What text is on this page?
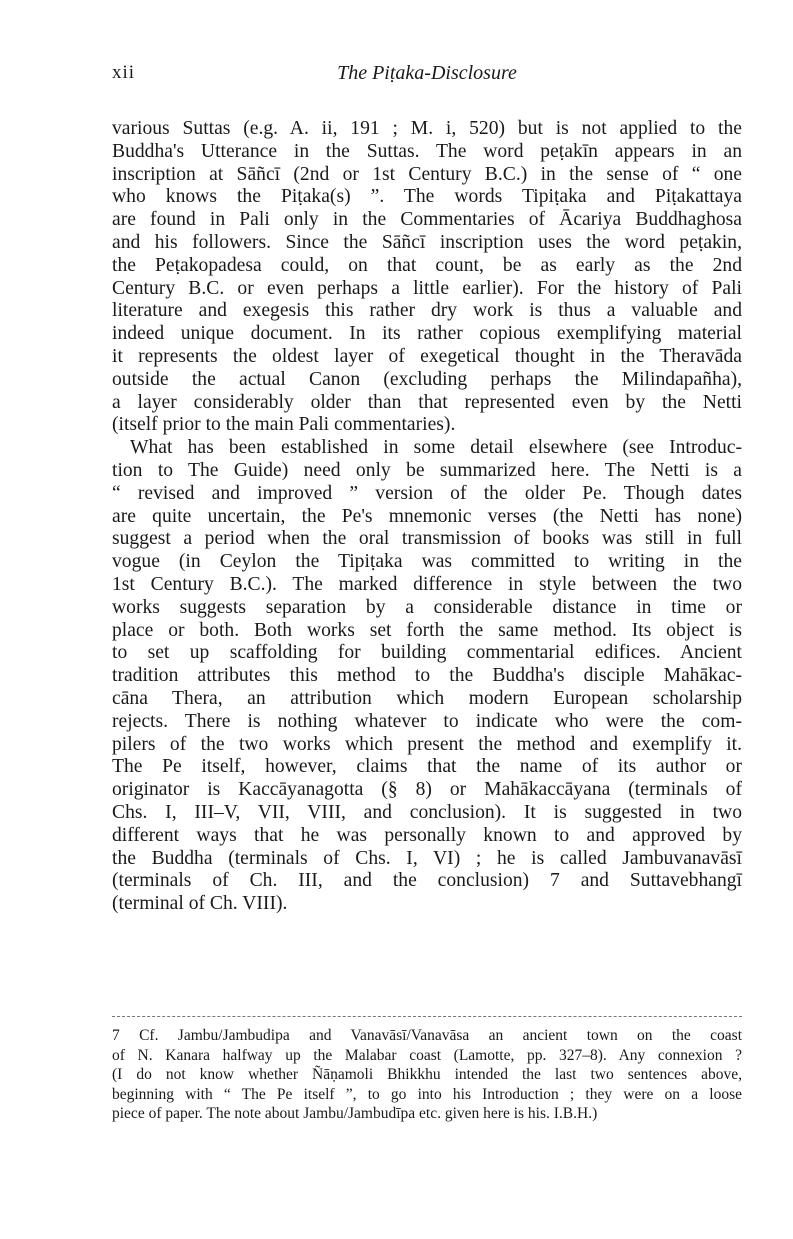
xii	The Piṭaka-Disclosure
various Suttas (e.g. A. ii, 191 ; M. i, 520) but is not applied to the
Buddha's Utterance in the Suttas. The word peṭakīn appears in an
inscription at Sāñcī (2nd or 1st Century B.C.) in the sense of “ one
who knows the Piṭaka(s) ”. The words Tipiṭaka and Piṭakattaya
are found in Pali only in the Commentaries of Ācariya Buddhaghosa
and his followers. Since the Sāñcī inscription uses the word peṭakin,
the Peṭakopadesa could, on that count, be as early as the 2nd
Century B.C. or even perhaps a little earlier). For the history of Pali
literature and exegesis this rather dry work is thus a valuable and
indeed unique document. In its rather copious exemplifying material
it represents the oldest layer of exegetical thought in the Theravāda
outside the actual Canon (excluding perhaps the Milindapañha),
a layer considerably older than that represented even by the Netti
(itself prior to the main Pali commentaries).
What has been established in some detail elsewhere (see Introduc-
tion to The Guide) need only be summarized here. The Netti is a
“ revised and improved ” version of the older Pe. Though dates
are quite uncertain, the Pe's mnemonic verses (the Netti has none)
suggest a period when the oral transmission of books was still in full
vogue (in Ceylon the Tipiṭaka was committed to writing in the
1st Century B.C.). The marked difference in style between the two
works suggests separation by a considerable distance in time or
place or both. Both works set forth the same method. Its object is
to set up scaffolding for building commentarial edifices. Ancient
tradition attributes this method to the Buddha's disciple Mahākac-
cāna Thera, an attribution which modern European scholarship
rejects. There is nothing whatever to indicate who were the com-
pilers of the two works which present the method and exemplify it.
The Pe itself, however, claims that the name of its author or
originator is Kaccāyanagotta (§ 8) or Mahākaccāyana (terminals of
Chs. I, III–V, VII, VIII, and conclusion). It is suggested in two
different ways that he was personally known to and approved by
the Buddha (terminals of Chs. I, VI) ; he is called Jambuvanavāsī
(terminals of Ch. III, and the conclusion) 7 and Suttavebhangī
(terminal of Ch. VIII).
7 Cf. Jambu/Jambudipa and Vanavāsī/Vanavāsa an ancient town on the coast
of N. Kanara halfway up the Malabar coast (Lamotte, pp. 327–8). Any connexion ?
(I do not know whether Ñāṇamoli Bhikkhu intended the last two sentences above,
beginning with “ The Pe itself ”, to go into his Introduction ; they were on a loose
piece of paper. The note about Jambu/Jambudīpa etc. given here is his. I.B.H.)
